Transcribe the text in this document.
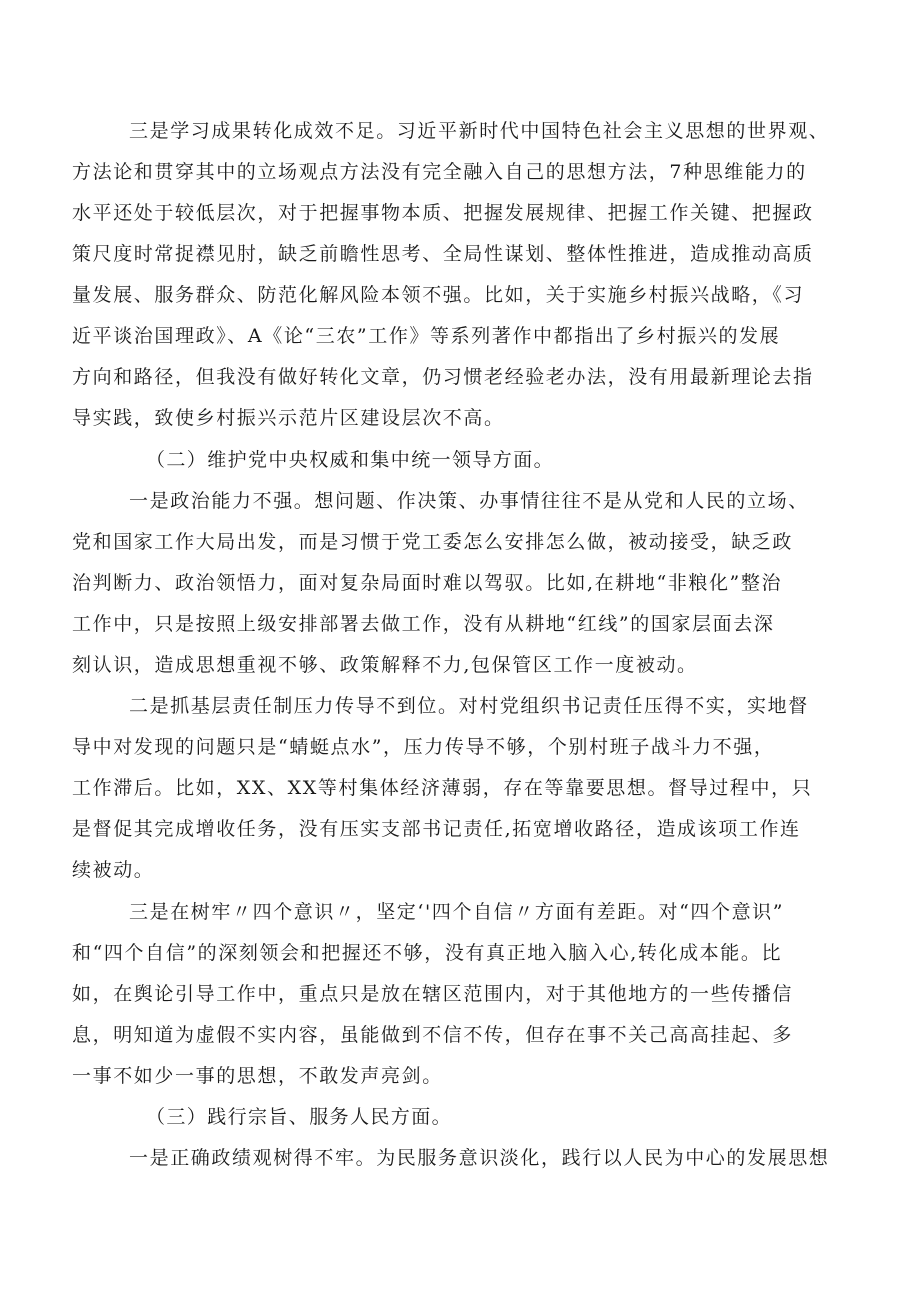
三是学习成果转化成效不足。习近平新时代中国特色社会主义思想的世界观、
方法论和贯穿其中的立场观点方法没有完全融入自己的思想方法，7种思维能力的
水平还处于较低层次，对于把握事物本质、把握发展规律、把握工作关键、把握政
策尺度时常捉襟见肘，缺乏前瞻性思考、全局性谋划、整体性推进，造成推动高质
量发展、服务群众、防范化解风险本领不强。比如，关于实施乡村振兴战略，《习
近平谈治国理政》、A《论“三农”工作》等系列著作中都指出了乡村振兴的发展
方向和路径，但我没有做好转化文章，仍习惯老经验老办法，没有用最新理论去指
导实践，致使乡村振兴示范片区建设层次不高。
（二）维护党中央权威和集中统一领导方面。
一是政治能力不强。想问题、作决策、办事情往往不是从党和人民的立场、
党和国家工作大局出发，而是习惯于党工委怎么安排怎么做，被动接受，缺乏政
治判断力、政治领悟力，面对复杂局面时难以驾驭。比如,在耕地“非粮化”整治
工作中，只是按照上级安排部署去做工作，没有从耕地“红线”的国家层面去深
刻认识，造成思想重视不够、政策解释不力,包保管区工作一度被动。
二是抓基层责任制压力传导不到位。对村党组织书记责任压得不实，实地督
导中对发现的问题只是“蜻蜓点水”，压力传导不够，个别村班子战斗力不强，
工作滞后。比如，XX、XX等村集体经济薄弱，存在等靠要思想。督导过程中，只
是督促其完成增收任务，没有压实支部书记责任,拓宽增收路径，造成该项工作连
续被动。
三是在树牢〃四个意识〃，坚定‘'四个自信〃方面有差距。对“四个意识”
和“四个自信”的深刻领会和把握还不够，没有真正地入脑入心,转化成本能。比
如，在舆论引导工作中，重点只是放在辖区范围内，对于其他地方的一些传播信
息，明知道为虚假不实内容，虽能做到不信不传，但存在事不关己高高挂起、多
一事不如少一事的思想，不敢发声亮剑。
（三）践行宗旨、服务人民方面。
一是正确政绩观树得不牢。为民服务意识淡化，践行以人民为中心的发展思想
